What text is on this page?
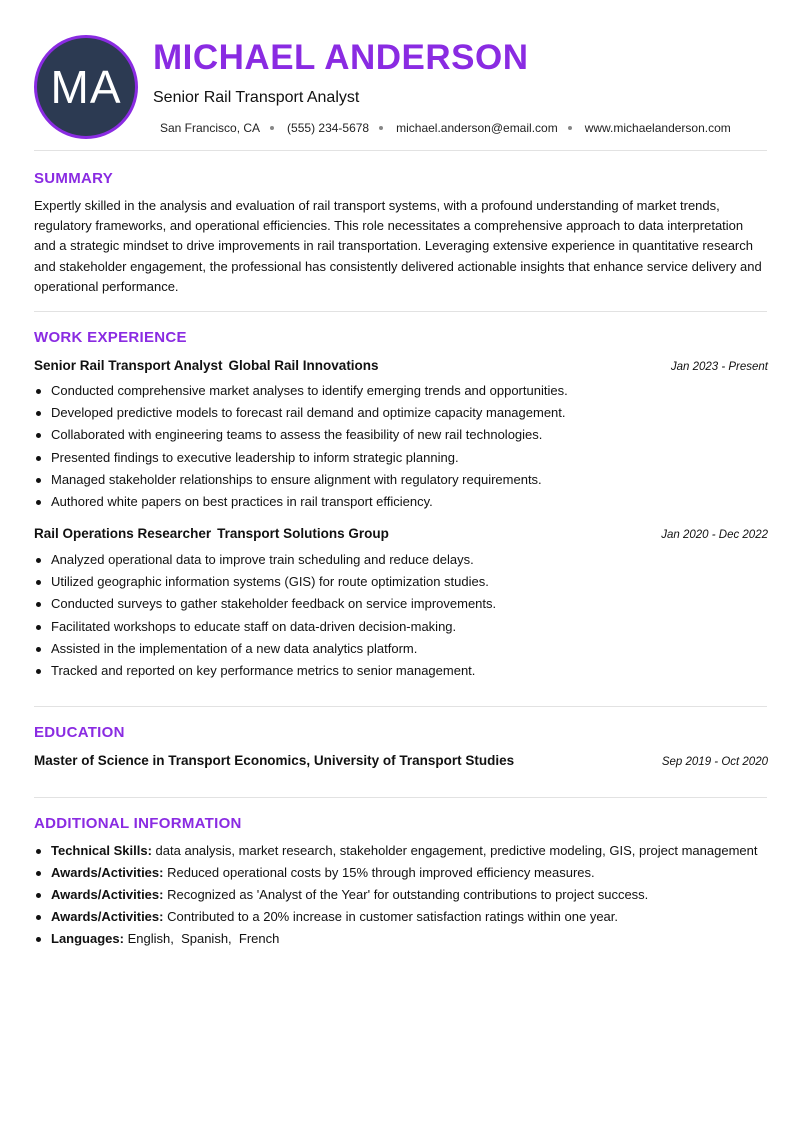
MA
MICHAEL ANDERSON
Senior Rail Transport Analyst
San Francisco, CA (555) 234-5678 michael.anderson@email.com www.michaelanderson.com
SUMMARY
Expertly skilled in the analysis and evaluation of rail transport systems, with a profound understanding of market trends, regulatory frameworks, and operational efficiencies. This role necessitates a comprehensive approach to data interpretation and a strategic mindset to drive improvements in rail transportation. Leveraging extensive experience in quantitative research and stakeholder engagement, the professional has consistently delivered actionable insights that enhance service delivery and operational performance.
WORK EXPERIENCE
Senior Rail Transport Analyst Global Rail Innovations	Jan 2023 - Present
Conducted comprehensive market analyses to identify emerging trends and opportunities.
Developed predictive models to forecast rail demand and optimize capacity management.
Collaborated with engineering teams to assess the feasibility of new rail technologies.
Presented findings to executive leadership to inform strategic planning.
Managed stakeholder relationships to ensure alignment with regulatory requirements.
Authored white papers on best practices in rail transport efficiency.
Rail Operations Researcher Transport Solutions Group	Jan 2020 - Dec 2022
Analyzed operational data to improve train scheduling and reduce delays.
Utilized geographic information systems (GIS) for route optimization studies.
Conducted surveys to gather stakeholder feedback on service improvements.
Facilitated workshops to educate staff on data-driven decision-making.
Assisted in the implementation of a new data analytics platform.
Tracked and reported on key performance metrics to senior management.
EDUCATION
Master of Science in Transport Economics, University of Transport Studies	Sep 2019 - Oct 2020
ADDITIONAL INFORMATION
Technical Skills: data analysis, market research, stakeholder engagement, predictive modeling, GIS, project management
Awards/Activities: Reduced operational costs by 15% through improved efficiency measures.
Awards/Activities: Recognized as 'Analyst of the Year' for outstanding contributions to project success.
Awards/Activities: Contributed to a 20% increase in customer satisfaction ratings within one year.
Languages: English,  Spanish,  French
